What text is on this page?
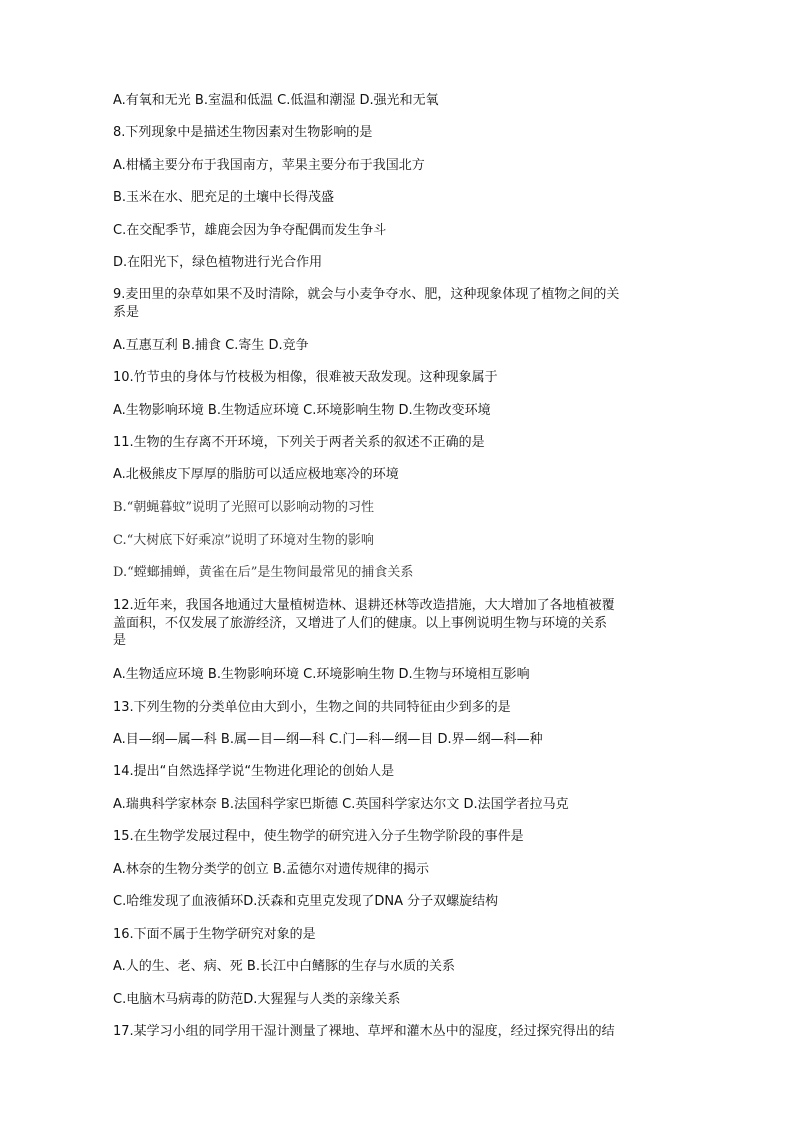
A.有氧和无光 B.室温和低温 C.低温和潮湿 D.强光和无氧
8.下列现象中是描述生物因素对生物影响的是
A.柑橘主要分布于我国南方，苹果主要分布于我国北方
B.玉米在水、肥充足的土壤中长得茂盛
C.在交配季节，雄鹿会因为争夺配偶而发生争斗
D.在阳光下，绿色植物进行光合作用
9.麦田里的杂草如果不及时清除，就会与小麦争夺水、肥，这种现象体现了植物之间的关
系是
A.互惠互利 B.捕食 C.寄生 D.竞争
10.竹节虫的身体与竹枝极为相像，很难被天敌发现。这种现象属于
A.生物影响环境 B.生物适应环境 C.环境影响生物 D.生物改变环境
11.生物的生存离不开环境，下列关于两者关系的叙述不正确的是
A.北极熊皮下厚厚的脂肪可以适应极地寒冷的环境
B.“朝蝇暮蚊”说明了光照可以影响动物的习性
C.“大树底下好乘凉”说明了环境对生物的影响
D.“螳螂捕蝉，黄雀在后”是生物间最常见的捕食关系
12.近年来，我国各地通过大量植树造林、退耕还林等改造措施，大大增加了各地植被覆
盖面积，不仅发展了旅游经济，又增进了人们的健康。以上事例说明生物与环境的关系
是
A.生物适应环境 B.生物影响环境 C.环境影响生物 D.生物与环境相互影响
13.下列生物的分类单位由大到小，生物之间的共同特征由少到多的是
A.目—纲—属—科 B.属—目—纲—科 C.门—科—纲—目 D.界—纲—科—种
14.提出“自然选择学说“生物进化理论的创始人是
A.瑞典科学家林奈 B.法国科学家巴斯德 C.英国科学家达尔文 D.法国学者拉马克
15.在生物学发展过程中，使生物学的研究进入分子生物学阶段的事件是
A.林奈的生物分类学的创立 B.孟德尔对遗传规律的揭示
C.哈维发现了血液循环D.沃森和克里克发现了DNA 分子双螺旋结构
16.下面不属于生物学研究对象的是
A.人的生、老、病、死 B.长江中白鳍豚的生存与水质的关系
C.电脑木马病毒的防范D.大猩猩与人类的亲缘关系
17.某学习小组的同学用干湿计测量了裸地、草坪和灌木丛中的湿度，经过探究得出的结
